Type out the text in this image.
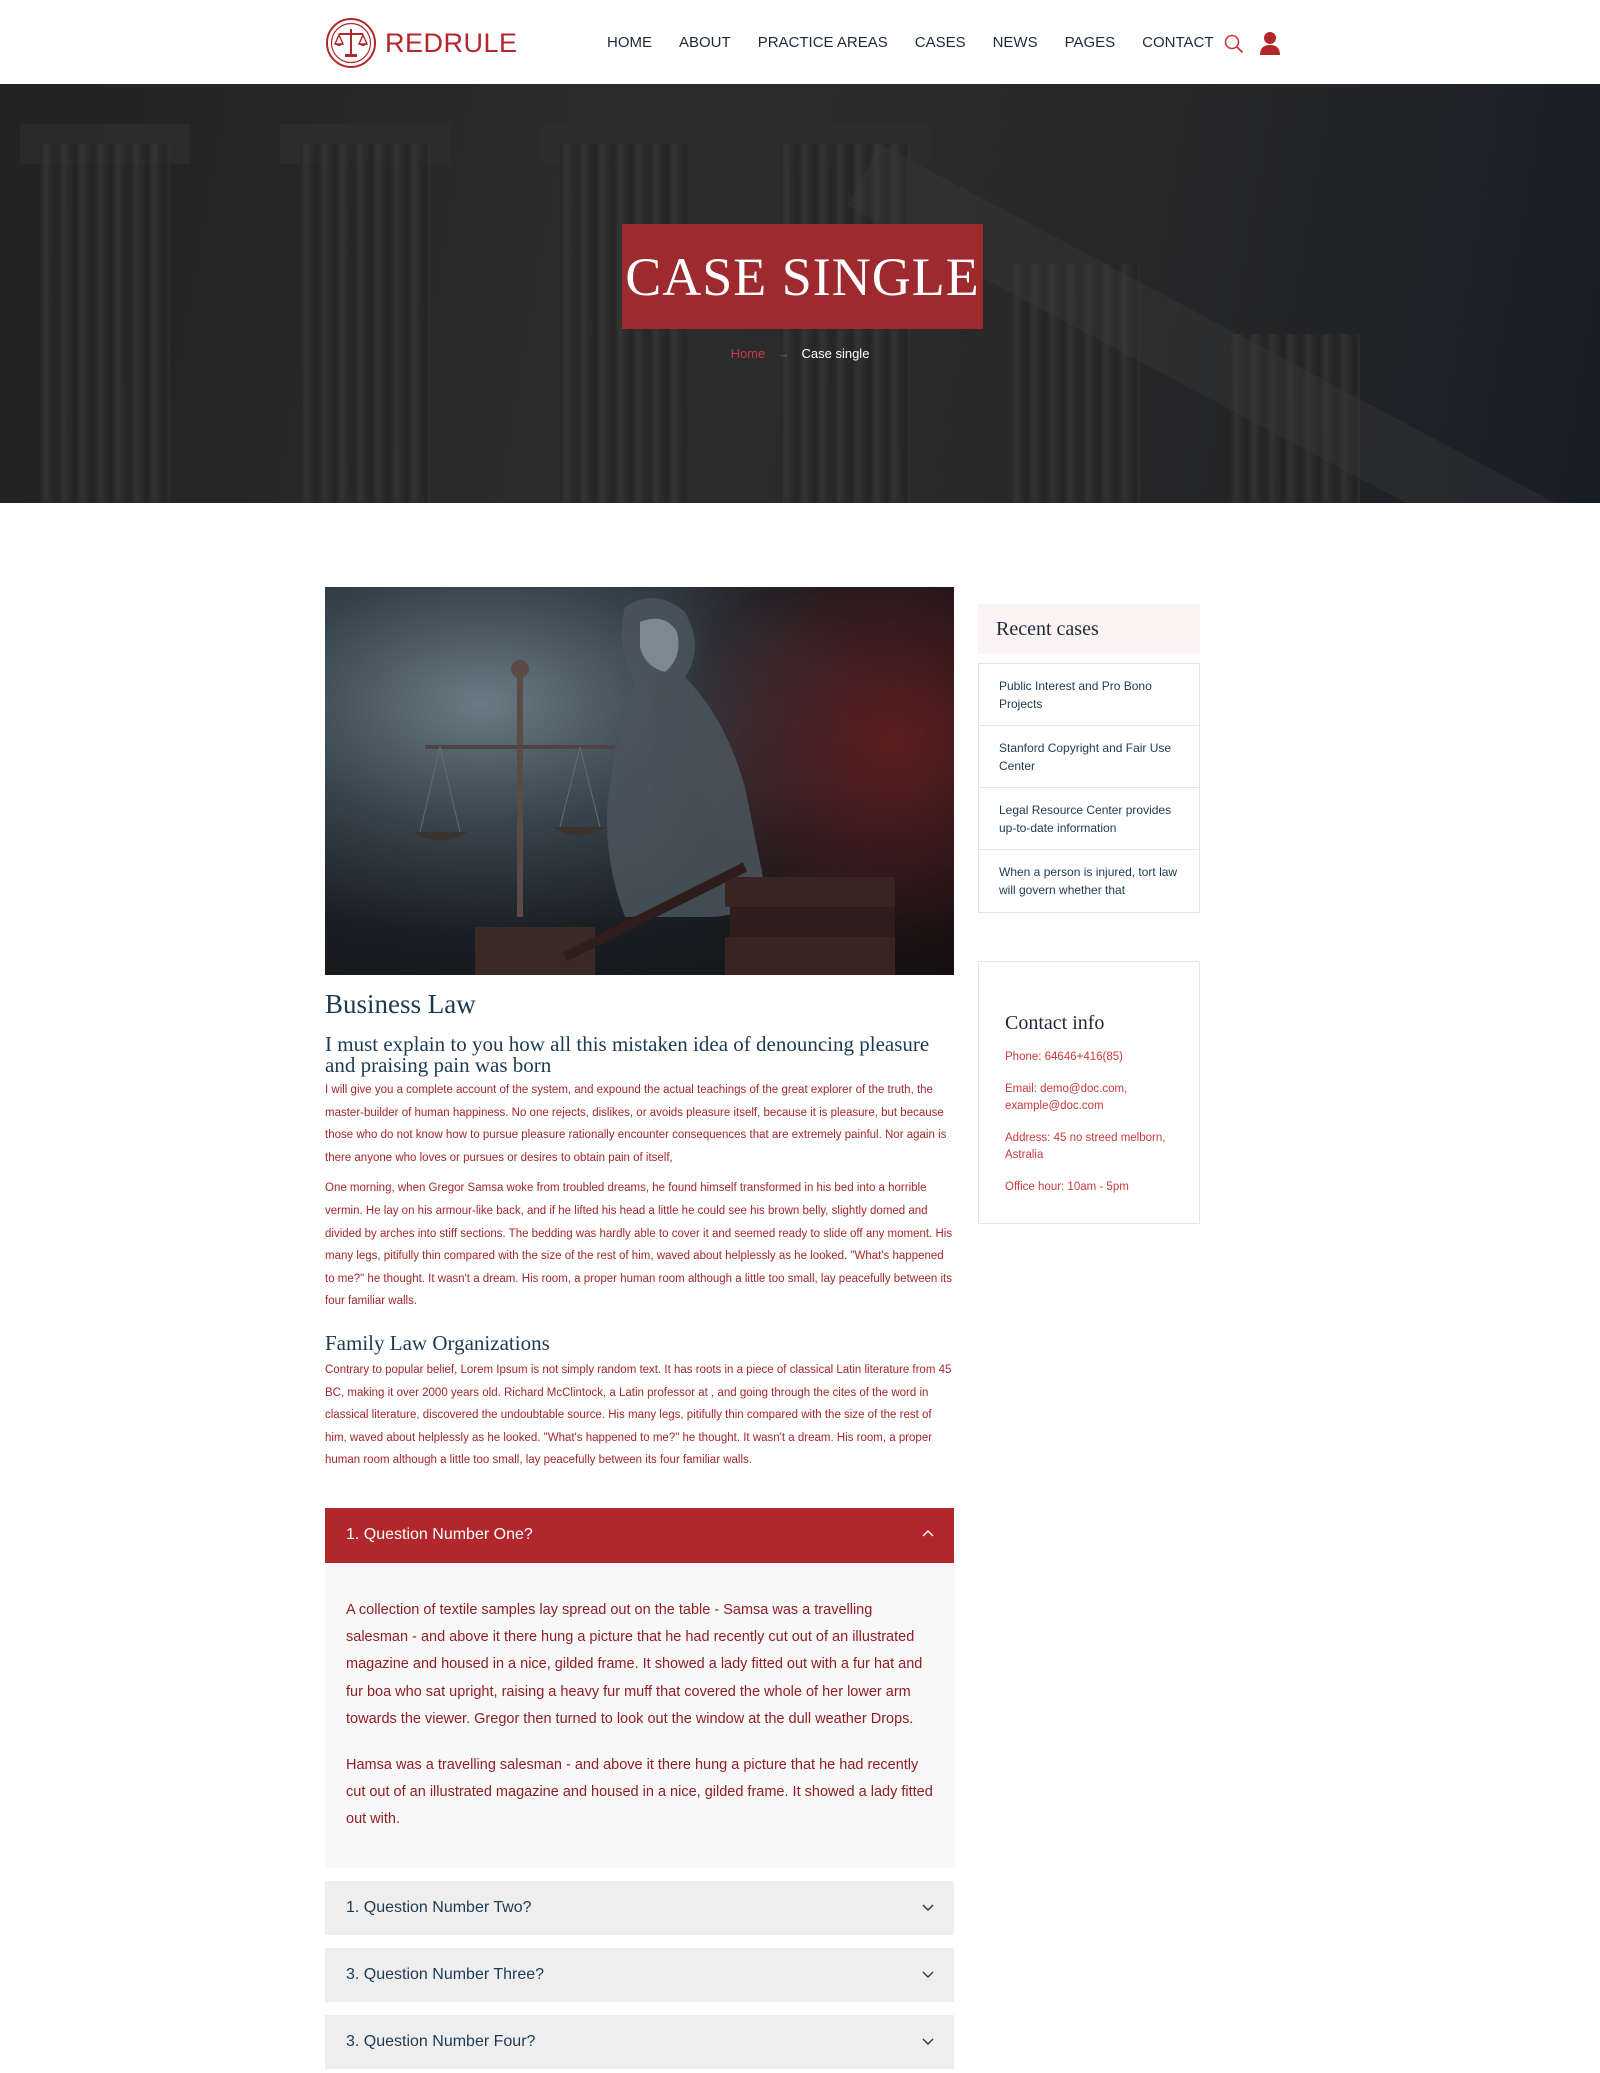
REDRULE	HOME ABOUT PRACTICE AREAS CASES NEWS PAGES CONTACT
CASE SINGLE
Home → Case single
Business Law
I must explain to you how all this mistaken idea of denouncing pleasure and praising pain was born

I will give you a complete account of the system, and expound the actual teachings of the great explorer of the truth, the master-builder of human happiness. No one rejects, dislikes, or avoids pleasure itself, because it is pleasure, but because those who do not know how to pursue pleasure rationally encounter consequences that are extremely painful. Nor again is there anyone who loves or pursues or desires to obtain pain of itself,

One morning, when Gregor Samsa woke from troubled dreams, he found himself transformed in his bed into a horrible vermin. He lay on his armour-like back, and if he lifted his head a little he could see his brown belly, slightly domed and divided by arches into stiff sections. The bedding was hardly able to cover it and seemed ready to slide off any moment. His many legs, pitifully thin compared with the size of the rest of him, waved about helplessly as he looked. "What's happened to me?" he thought. It wasn't a dream. His room, a proper human room although a little too small, lay peacefully between its four familiar walls.

Family Law Organizations

Contrary to popular belief, Lorem Ipsum is not simply random text. It has roots in a piece of classical Latin literature from 45 BC, making it over 2000 years old. Richard McClintock, a Latin professor at , and going through the cites of the word in classical literature, discovered the undoubtable source. His many legs, pitifully thin compared with the size of the rest of him, waved about helplessly as he looked. "What's happened to me?" he thought. It wasn't a dream. His room, a proper human room although a little too small, lay peacefully between its four familiar walls.

1. Question Number One?

A collection of textile samples lay spread out on the table - Samsa was a travelling salesman - and above it there hung a picture that he had recently cut out of an illustrated magazine and housed in a nice, gilded frame. It showed a lady fitted out with a fur hat and fur boa who sat upright, raising a heavy fur muff that covered the whole of her lower arm towards the viewer. Gregor then turned to look out the window at the dull weather Drops.

Hamsa was a travelling salesman - and above it there hung a picture that he had recently cut out of an illustrated magazine and housed in a nice, gilded frame. It showed a lady fitted out with.

1. Question Number Two?
3. Question Number Three?
3. Question Number Four?
Recent cases
Public Interest and Pro Bono Projects
Stanford Copyright and Fair Use Center
Legal Resource Center provides up-to-date information
When a person is injured, tort law will govern whether that
Contact info
Phone: 64646+416(85)
Email: demo@doc.com, example@doc.com
Address: 45 no streed melborn, Astralia
Office hour: 10am - 5pm
